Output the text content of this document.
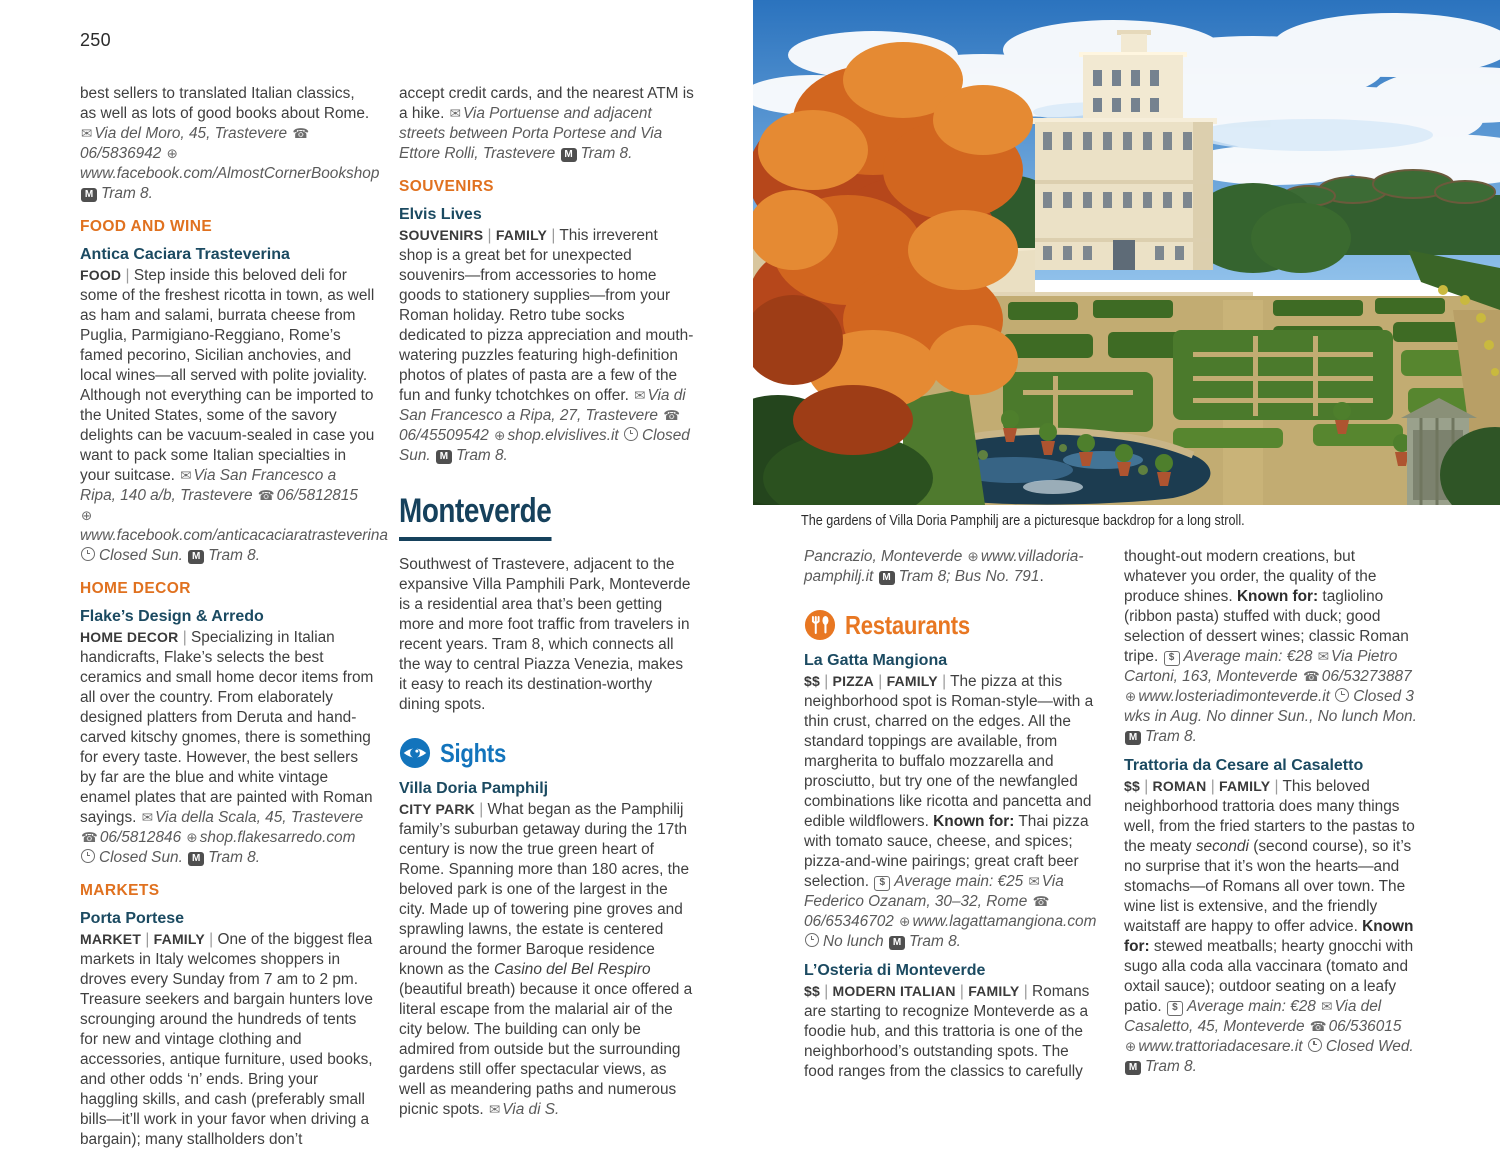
250
The gardens of Villa Doria Pamphilj are a picturesque backdrop for a long stroll.

best sellers to translated Italian classics, as well as lots of good books about Rome. ✉ Via del Moro, 45, Trastevere ☎06/5836942 ⊕www.facebook.com/AlmostCornerBookshop M Tram 8.

FOOD AND WINE
Antica Caciara Trasteverina

FOOD | Step inside this beloved deli for some of the freshest ricotta in town, as well as ham and salami, burrata cheese from Puglia, Parmigiano-Reggiano, Rome’s famed pecorino, Sicilian anchovies, and local wines—all served with polite joviality. Although not everything can be imported to the United States, some of the savory delights can be vacuum-sealed in case you want to pack some Italian specialties in your suitcase. ✉ Via San Francesco a Ripa, 140 a/b, Trastevere ☎ 06/5812815 ⊕www.facebook.com/anticacaciaratrasteverina Closed Sun. M Tram 8.

HOME DECOR
Flake’s Design & Arredo

HOME DECOR | Specializing in Italian handicrafts, Flake’s selects the best ceramics and small home decor items from all over the country. From elaborately designed platters from Deruta and hand-carved kitschy gnomes, there is something for every taste. However, the best sellers by far are the blue and white vintage enamel plates that are painted with Roman sayings. ✉ Via della Scala, 45, Trastevere ☎ 06/5812846 ⊕ shop.flakesarredo.com Closed Sun. M Tram 8.

MARKETS
Porta Portese

MARKET | FAMILY | One of the biggest flea markets in Italy welcomes shoppers in droves every Sunday from 7 am to 2 pm. Treasure seekers and bargain hunters love scrounging around the hundreds of tents for new and vintage clothing and accessories, antique furniture, used books, and other odds ‘n’ ends. Bring your haggling skills, and cash (preferably small bills—it’ll work in your favor when driving a bargain); many stallholders don’t

accept credit cards, and the nearest ATM is a hike. ✉ Via Portuense and adjacent streets between Porta Portese and Via Ettore Rolli, Trastevere M Tram 8.

SOUVENIRS
Elvis Lives

SOUVENIRS | FAMILY | This irreverent shop is a great bet for unexpected souvenirs—from accessories to home goods to stationery supplies—from your Roman holiday. Retro tube socks dedicated to pizza appreciation and mouth-watering puzzles featuring high-definition photos of plates of pasta are a few of the fun and funky tchotchkes on offer. ✉ Via di San Francesco a Ripa, 27, Trastevere ☎06/45509542 ⊕ shop.elvislives.it Closed Sun. M Tram 8.

Monteverde

Southwest of Trastevere, adjacent to the expansive Villa Pamphili Park, Monteverde is a residential area that’s been getting more and more foot traffic from travelers in recent years. Tram 8, which connects all the way to central Piazza Venezia, makes it easy to reach its destination-worthy dining spots.

Sights
Villa Doria Pamphilj

CITY PARK | What began as the Pamphilij family’s suburban getaway during the 17th century is now the true green heart of Rome. Spanning more than 180 acres, the beloved park is one of the largest in the city. Made up of towering pine groves and sprawling lawns, the estate is centered around the former Baroque residence known as the Casino del Bel Respiro (beautiful breath) because it once offered a literal escape from the malarial air of the city below. The building can only be admired from outside but the surrounding gardens still offer spectacular views, as well as meandering paths and numerous picnic spots. ✉ Via di S.

Pancrazio, Monteverde ⊕ www.villadoria-pamphilj.it M Tram 8; Bus No. 791.

Restaurants
La Gatta Mangiona

$$ | PIZZA | FAMILY | The pizza at this neighborhood spot is Roman-style—with a thin crust, charred on the edges. All the standard toppings are available, from margherita to buffalo mozzarella and prosciutto, but try one of the newfangled combinations like ricotta and pancetta and edible wildflowers. Known for: Thai pizza with tomato sauce, cheese, and spices; pizza-and-wine pairings; great craft beer selection. $ Average main: €25 ✉ Via Federico Ozanam, 30–32, Rome ☎06/65346702 ⊕ www.lagattamangiona.com No lunch M Tram 8.

L’Osteria di Monteverde

$$ | MODERN ITALIAN | FAMILY | Romans are starting to recognize Monteverde as a foodie hub, and this trattoria is one of the neighborhood’s outstanding spots. The food ranges from the classics to carefully

thought-out modern creations, but whatever you order, the quality of the produce shines. Known for: tagliolino (ribbon pasta) stuffed with duck; good selection of dessert wines; classic Roman tripe. $ Average main: €28 ✉ Via Pietro Cartoni, 163, Monteverde ☎ 06/53273887 ⊕ www.losteriadimonteverde.it Closed 3 wks in Aug. No dinner Sun., No lunch Mon. M Tram 8.

Trattoria da Cesare al Casaletto

$$ | ROMAN | FAMILY | This beloved neighborhood trattoria does many things well, from the fried starters to the pastas to the meaty secondi (second course), so it’s no surprise that it’s won the hearts—and stomachs—of Romans all over town. The wine list is extensive, and the friendly waitstaff are happy to offer advice. Known for: stewed meatballs; hearty gnocchi with sugo alla coda alla vaccinara (tomato and oxtail sauce); outdoor seating on a leafy patio. $ Average main: €28 ✉ Via del Casaletto, 45, Monteverde ☎ 06/536015 ⊕ www.trattoriadacesare.it Closed Wed. M Tram 8.
